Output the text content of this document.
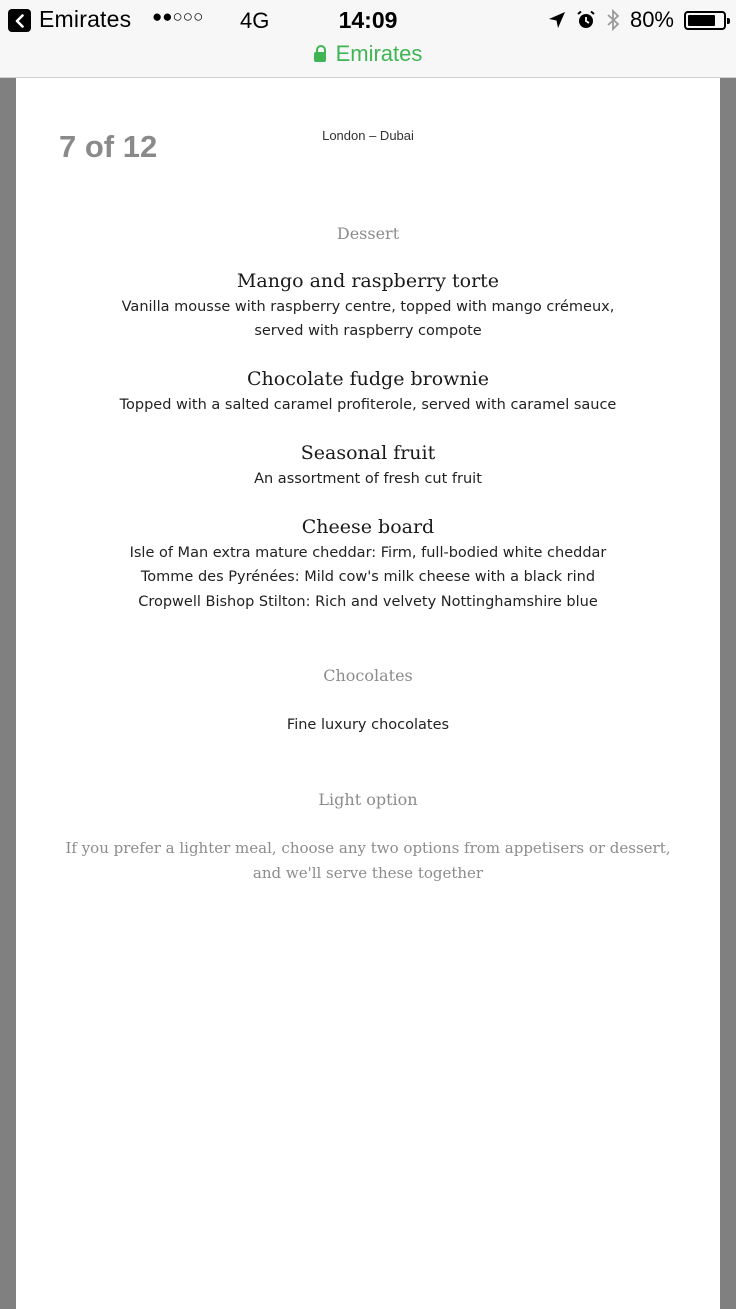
Emirates ●●○○○ 4G	14:09	80%
Emirates
7 of 12	London – Dubai
Dessert
Mango and raspberry torte
Vanilla mousse with raspberry centre, topped with mango crémeux,
served with raspberry compote
Chocolate fudge brownie
Topped with a salted caramel profiterole, served with caramel sauce
Seasonal fruit
An assortment of fresh cut fruit
Cheese board
Isle of Man extra mature cheddar: Firm, full-bodied white cheddar
Tomme des Pyrénées: Mild cow's milk cheese with a black rind
Cropwell Bishop Stilton: Rich and velvety Nottinghamshire blue
Chocolates
Fine luxury chocolates
Light option
If you prefer a lighter meal, choose any two options from appetisers or dessert,
and we'll serve these together
